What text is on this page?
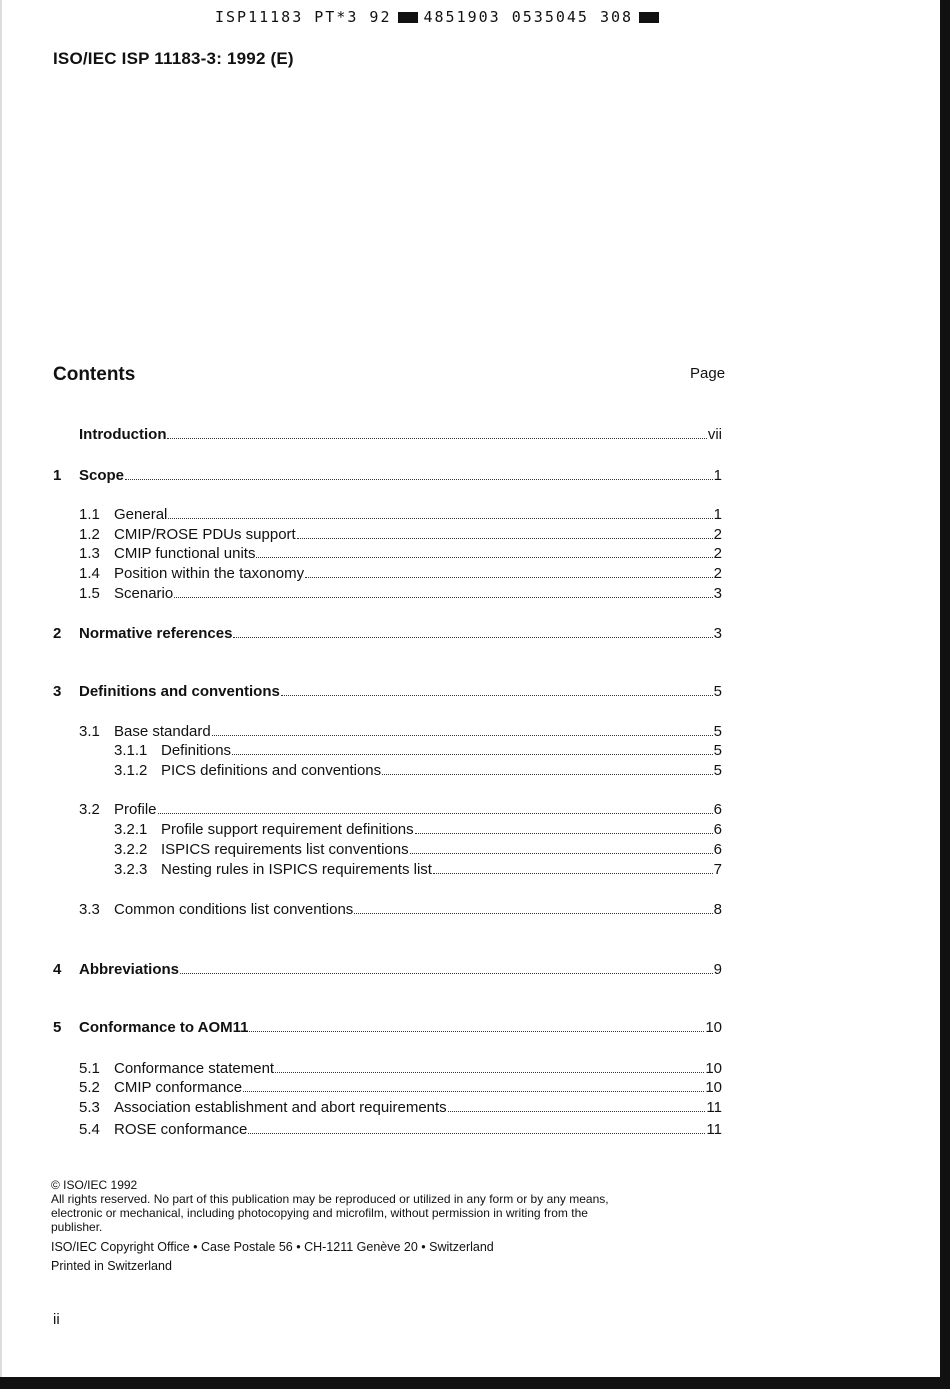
ISP11183 PT*3 92 4851903 0535045 308
ISO/IEC ISP 11183-3: 1992 (E)
Contents	Page
Introduction	vii
1 Scope	1
1.1 General	1
1.2 CMIP/ROSE PDUs support	2
1.3 CMIP functional units	2
1.4 Position within the taxonomy	2
1.5 Scenario	3
2 Normative references	3
3 Definitions and conventions	5
3.1 Base standard	5
3.1.1 Definitions	5
3.1.2 PICS definitions and conventions	5
3.2 Profile	6
3.2.1 Profile support requirement definitions	6
3.2.2 ISPICS requirements list conventions	6
3.2.3 Nesting rules in ISPICS requirements list	7
3.3 Common conditions list conventions	8
4 Abbreviations	9
5 Conformance to AOM11	10
5.1 Conformance statement	10
5.2 CMIP conformance	10
5.3 Association establishment and abort requirements	11
5.4 ROSE conformance	11

© ISO/IEC 1992

All rights reserved. No part of this publication may be reproduced or utilized in any form or by any means, electronic or mechanical, including photocopying and microfilm, without permission in writing from the publisher.

ISO/IEC Copyright Office • Case Postale 56 • CH-1211 Genève 20 • Switzerland

Printed in Switzerland

ii
